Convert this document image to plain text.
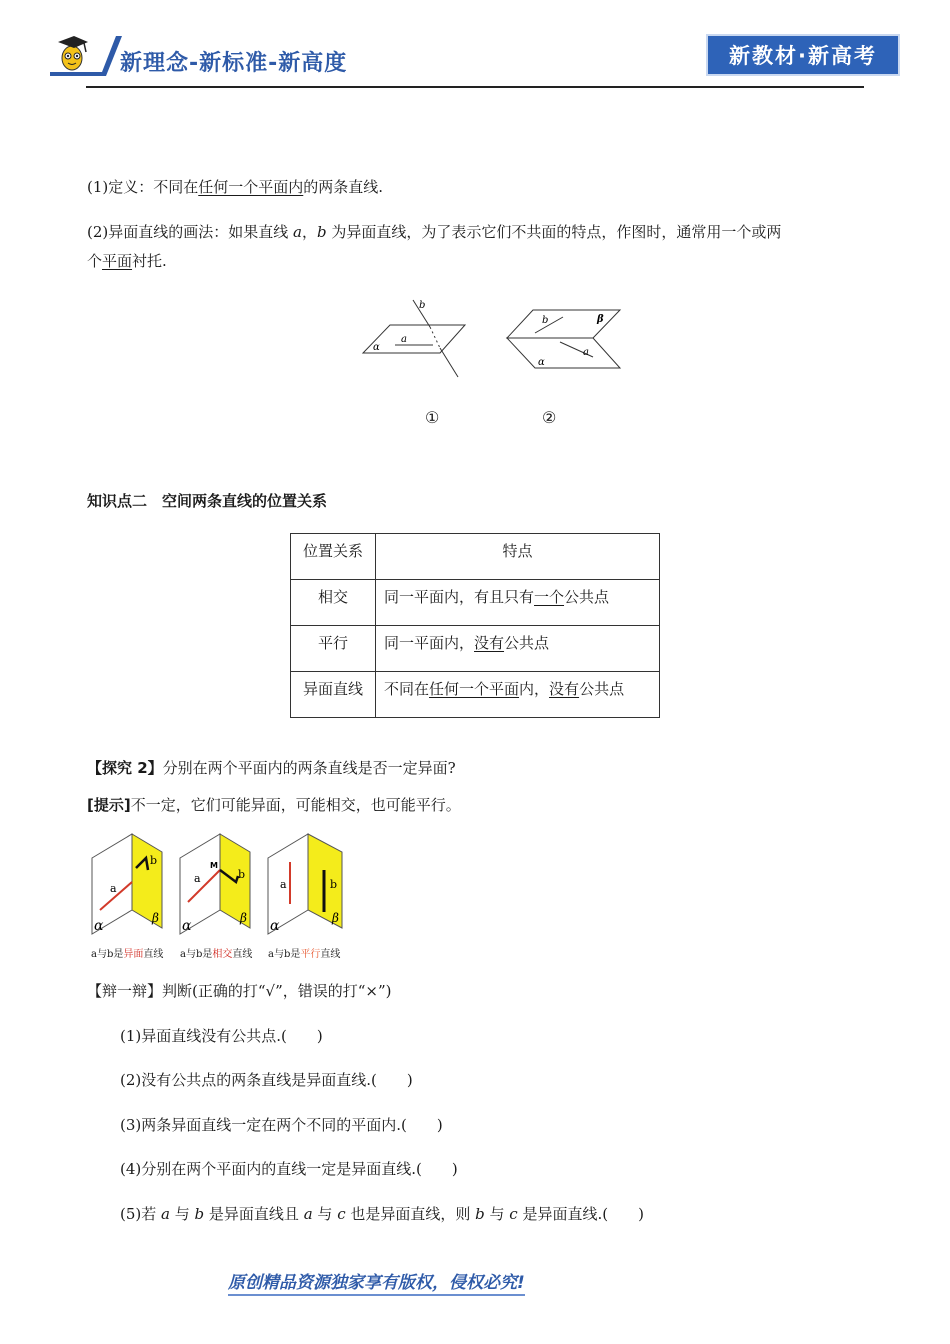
新理念-新标准-新高度	新教材·新高考
(1)定义：不同在任何一个平面内的两条直线.
(2)异面直线的画法：如果直线 a，b 为异面直线，为了表示它们不共面的特点，作图时，通常用一个或两
个平面衬托.
b
a
α
b	β
a
α
①	②
知识点二　空间两条直线的位置关系
位置关系	特点
相交	同一平面内，有且只有一个公共点
平行	同一平面内，没有公共点
异面直线	不同在任何一个平面内，没有公共点
【探究 2】分别在两个平面内的两条直线是否一定异面?
[提示]不一定，它们可能异面，可能相交，也可能平行。
a
b
α	β
M
a	b
α	β
a	b
α	β
a与b是异面直线 a与b是相交直线 a与b是平行直线
【辩一辩】判断(正确的打“√”，错误的打“×”)
(1)异面直线没有公共点.(　　)
(2)没有公共点的两条直线是异面直线.(　　)
(3)两条异面直线一定在两个不同的平面内.(　　)
(4)分别在两个平面内的直线一定是异面直线.(　　)
(5)若 a 与 b 是异面直线且 a 与 c 也是异面直线，则 b 与 c 是异面直线.(　　)
原创精品资源独家享有版权，侵权必究!
